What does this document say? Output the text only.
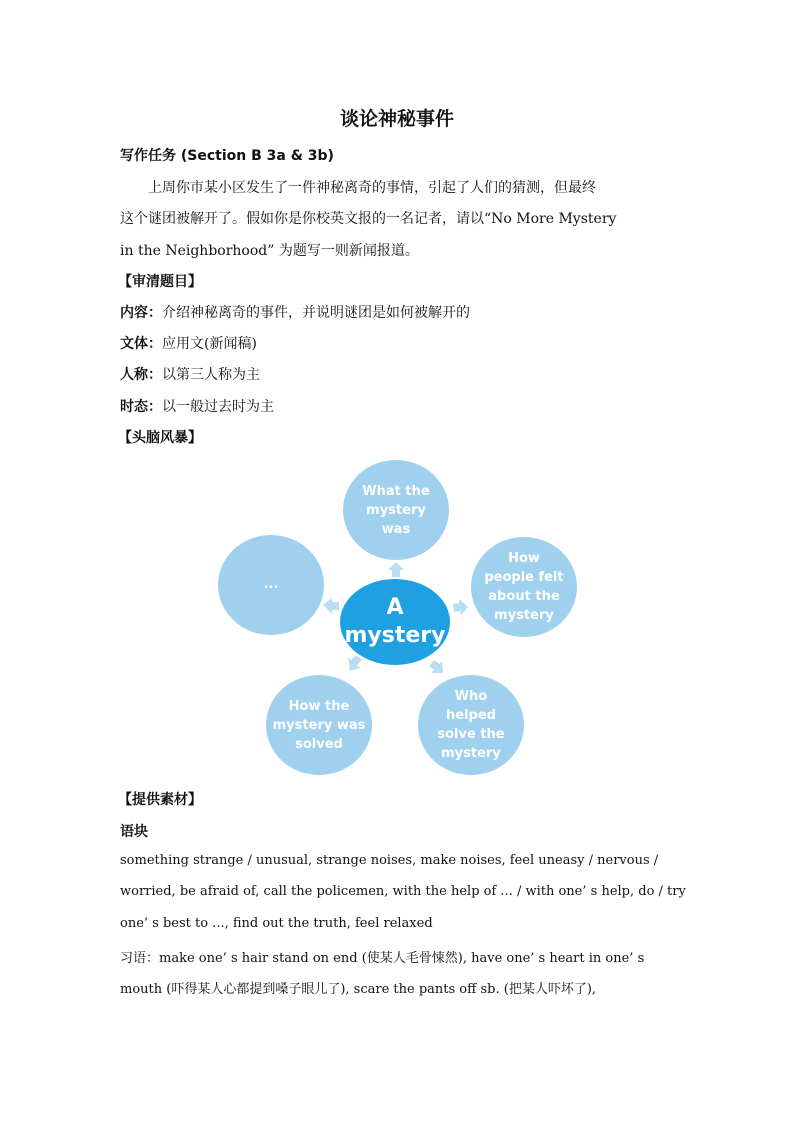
谈论神秘事件
写作任务 (Section B 3a & 3b)
上周你市某小区发生了一件神秘离奇的事情，引起了人们的猜测，但最终
这个谜团被解开了。假如你是你校英文报的一名记者，请以“No More Mystery
in the Neighborhood” 为题写一则新闻报道。
【审清题目】
内容：介绍神秘离奇的事件，并说明谜团是如何被解开的
文体：应用文(新闻稿)
人称：以第三人称为主
时态：以一般过去时为主
【头脑风暴】
What the
mystery
was
How
people felt
about the
mystery
Who
helped
solve the
mystery
How the
mystery was
solved
...
A
mystery
【提供素材】
语块
something strange / unusual, strange noises, make noises, feel uneasy / nervous /
worried, be afraid of, call the policemen, with the help of ... / with one’ s help, do / try
one’ s best to ..., find out the truth, feel relaxed
习语：make one’ s hair stand on end (使某人毛骨悚然), have one’ s heart in one’ s
mouth (吓得某人心都提到嗓子眼儿了), scare the pants off sb. (把某人吓坏了),
